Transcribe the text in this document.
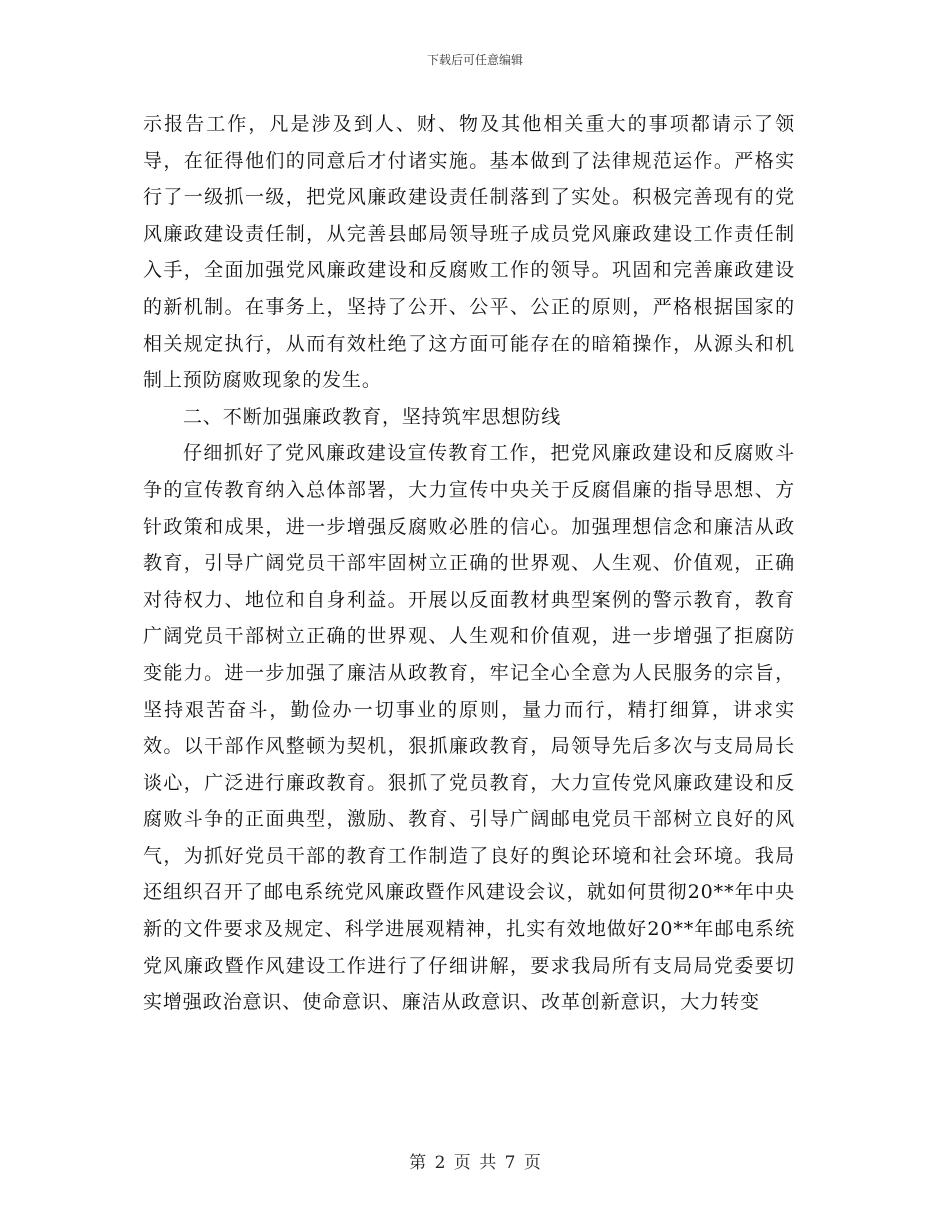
下载后可任意编辑

示报告工作，凡是涉及到人、财、物及其他相关重大的事项都请示了领导，在征得他们的同意后才付诸实施。基本做到了法律规范运作。严格实行了一级抓一级，把党风廉政建设责任制落到了实处。积极完善现有的党风廉政建设责任制，从完善县邮局领导班子成员党风廉政建设工作责任制入手，全面加强党风廉政建设和反腐败工作的领导。巩固和完善廉政建设的新机制。在事务上，坚持了公开、公平、公正的原则，严格根据国家的相关规定执行，从而有效杜绝了这方面可能存在的暗箱操作，从源头和机制上预防腐败现象的发生。

二、不断加强廉政教育，坚持筑牢思想防线

仔细抓好了党风廉政建设宣传教育工作，把党风廉政建设和反腐败斗争的宣传教育纳入总体部署，大力宣传中央关于反腐倡廉的指导思想、方针政策和成果，进一步增强反腐败必胜的信心。加强理想信念和廉洁从政教育，引导广阔党员干部牢固树立正确的世界观、人生观、价值观，正确对待权力、地位和自身利益。开展以反面教材典型案例的警示教育，教育广阔党员干部树立正确的世界观、人生观和价值观，进一步增强了拒腐防变能力。进一步加强了廉洁从政教育，牢记全心全意为人民服务的宗旨，坚持艰苦奋斗，勤俭办一切事业的原则，量力而行，精打细算，讲求实效。以干部作风整顿为契机，狠抓廉政教育，局领导先后多次与支局局长谈心，广泛进行廉政教育。狠抓了党员教育，大力宣传党风廉政建设和反腐败斗争的正面典型，激励、教育、引导广阔邮电党员干部树立良好的风气，为抓好党员干部的教育工作制造了良好的舆论环境和社会环境。我局还组织召开了邮电系统党风廉政暨作风建设会议，就如何贯彻20**年中央新的文件要求及规定、科学进展观精神，扎实有效地做好20**年邮电系统党风廉政暨作风建设工作进行了仔细讲解，要求我局所有支局局党委要切实增强政治意识、使命意识、廉洁从政意识、改革创新意识，大力转变

第 2 页 共 7 页
